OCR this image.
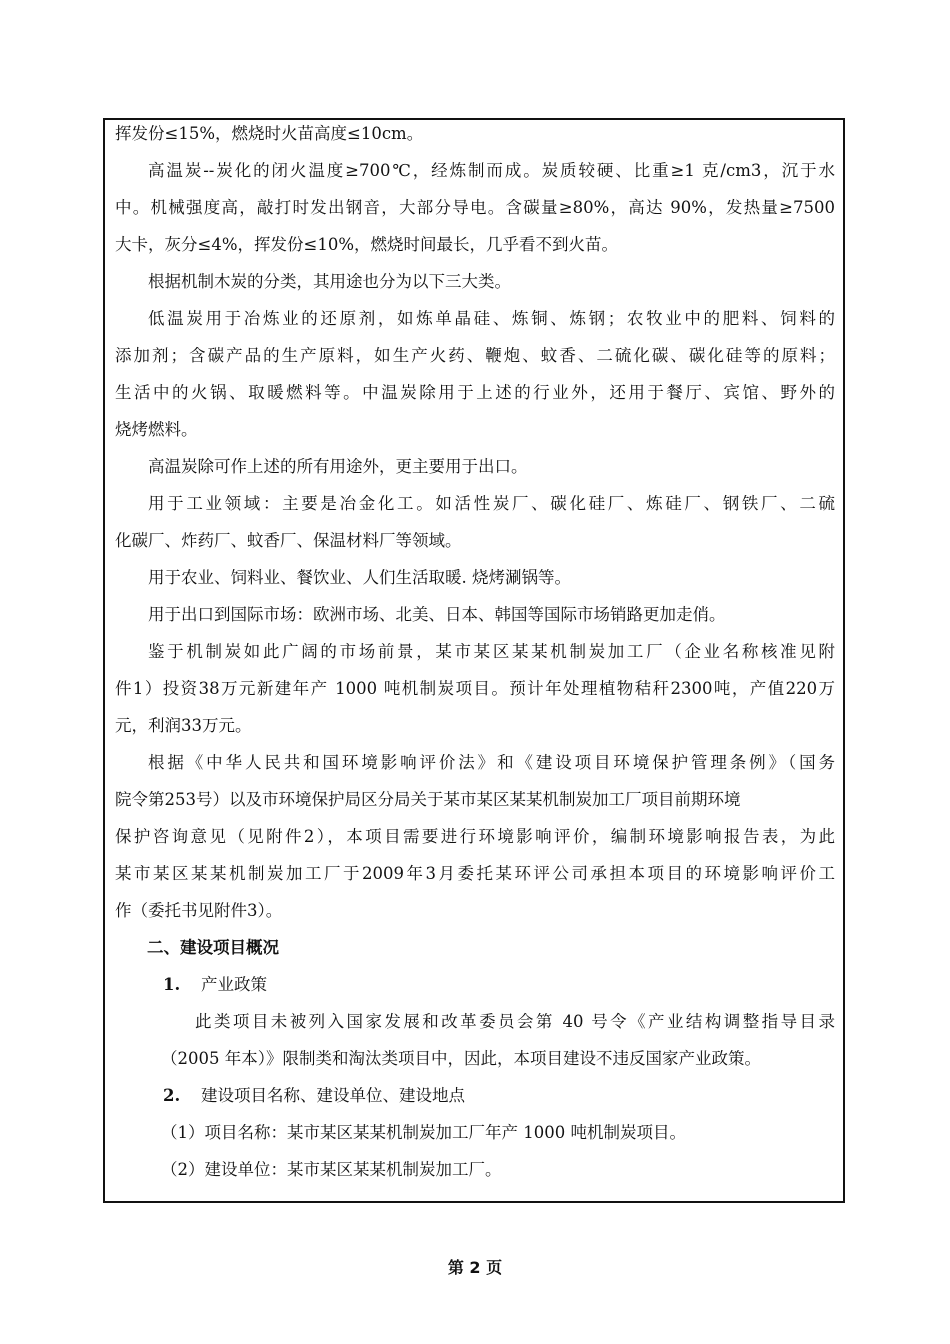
挥发份≤15%，燃烧时火苗高度≤10cm。
高温炭--炭化的闭火温度≥700℃，经炼制而成。炭质较硬、比重≥1 克/cm3，沉于水
中。机械强度高，敲打时发出钢音，大部分导电。含碳量≥80%，高达 90%，发热量≥7500
大卡，灰分≤4%，挥发份≤10%，燃烧时间最长，几乎看不到火苗。
根据机制木炭的分类，其用途也分为以下三大类。
低温炭用于冶炼业的还原剂，如炼单晶硅、炼铜、炼钢；农牧业中的肥料、饲料的
添加剂；含碳产品的生产原料，如生产火药、鞭炮、蚊香、二硫化碳、碳化硅等的原料；
生活中的火锅、取暖燃料等。中温炭除用于上述的行业外，还用于餐厅、宾馆、野外的
烧烤燃料。
高温炭除可作上述的所有用途外，更主要用于出口。
用于工业领域：主要是冶金化工。如活性炭厂、碳化硅厂、炼硅厂、钢铁厂、二硫
化碳厂、炸药厂、蚊香厂、保温材料厂等领域。
用于农业、饲料业、餐饮业、人们生活取暖. 烧烤涮锅等。
用于出口到国际市场：欧洲市场、北美、日本、韩国等国际市场销路更加走俏。
鉴于机制炭如此广阔的市场前景，某市某区某某机制炭加工厂（企业名称核准见附
件1）投资38万元新建年产 1000 吨机制炭项目。预计年处理植物秸秆2300吨，产值220万
元，利润33万元。
根据《中华人民共和国环境影响评价法》和《建设项目环境保护管理条例》（国务
院令第253号）以及市环境保护局区分局关于某市某区某某机制炭加工厂项目前期环境
保护咨询意见（见附件2），本项目需要进行环境影响评价，编制环境影响报告表，为此
某市某区某某机制炭加工厂于2009年3月委托某环评公司承担本项目的环境影响评价工
作（委托书见附件3）。
二、建设项目概况
1. 产业政策
此类项目未被列入国家发展和改革委员会第 40 号令《产业结构调整指导目录
（2005 年本）》限制类和淘汰类项目中，因此，本项目建设不违反国家产业政策。
2. 建设项目名称、建设单位、建设地点
（1）项目名称：某市某区某某机制炭加工厂年产 1000 吨机制炭项目。
（2）建设单位：某市某区某某机制炭加工厂。
第 2 页
